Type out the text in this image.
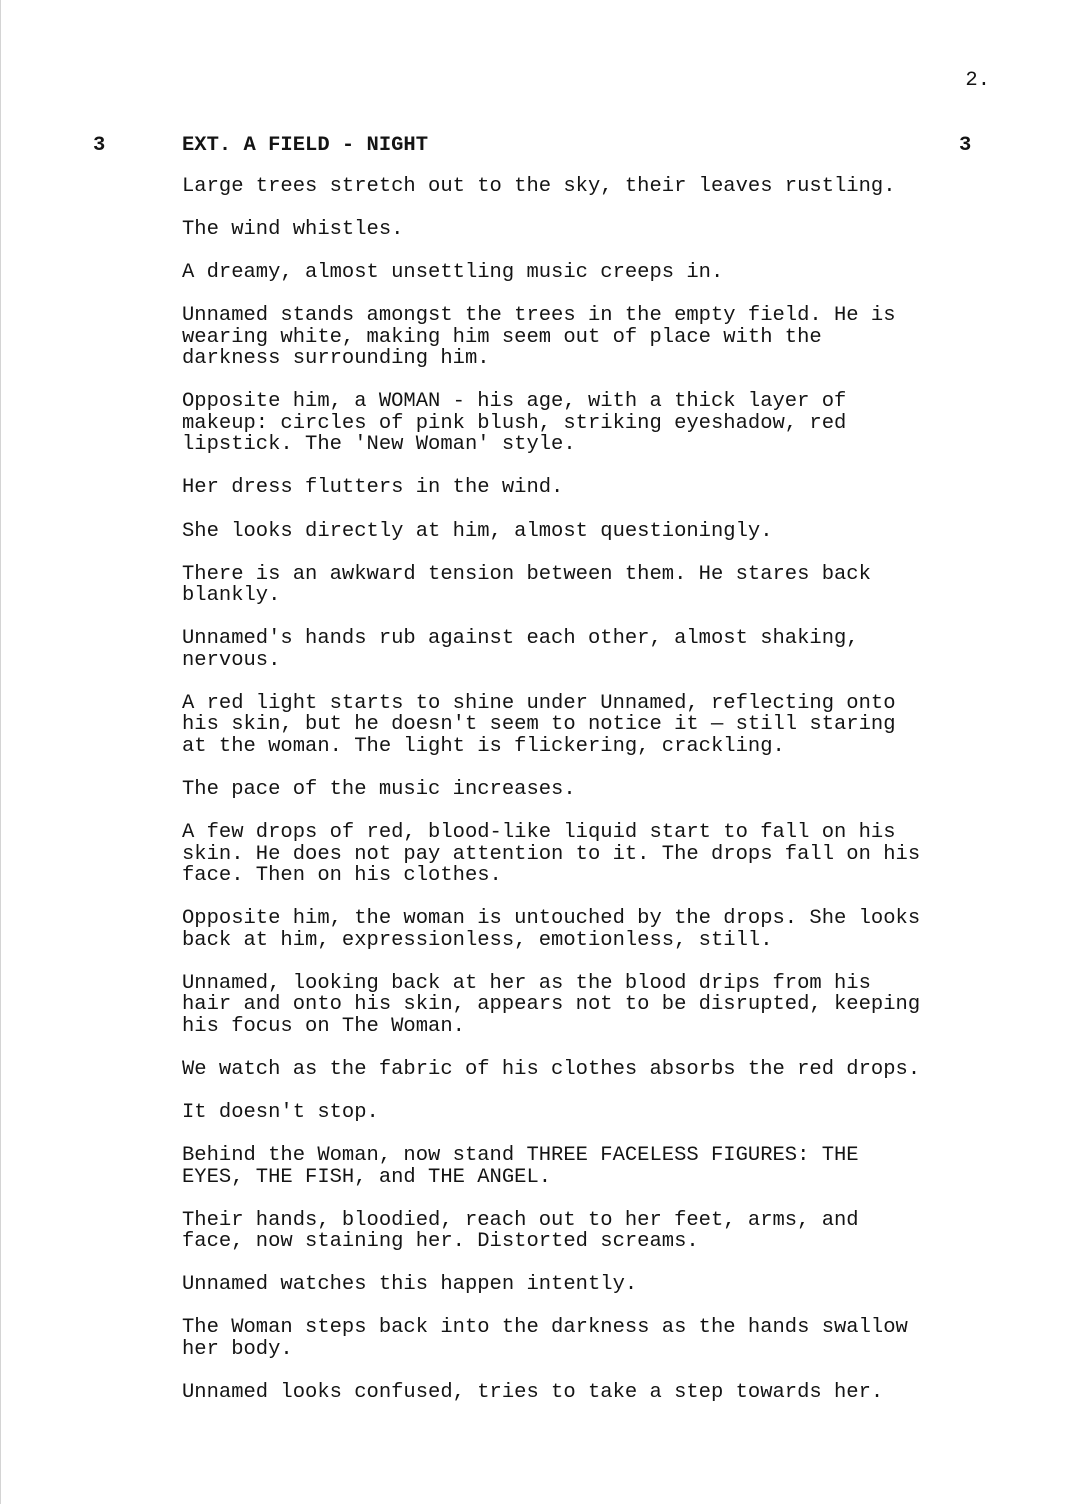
2.
3	EXT. A FIELD - NIGHT	3

Large trees stretch out to the sky, their leaves rustling.

The wind whistles.

A dreamy, almost unsettling music creeps in.

Unnamed stands amongst the trees in the empty field. He is
wearing white, making him seem out of place with the
darkness surrounding him.

Opposite him, a WOMAN - his age, with a thick layer of
makeup: circles of pink blush, striking eyeshadow, red
lipstick. The 'New Woman' style.

Her dress flutters in the wind.

She looks directly at him, almost questioningly.

There is an awkward tension between them. He stares back
blankly.

Unnamed's hands rub against each other, almost shaking,
nervous.

A red light starts to shine under Unnamed, reflecting onto
his skin, but he doesn't seem to notice it — still staring
at the woman. The light is flickering, crackling.

The pace of the music increases.

A few drops of red, blood-like liquid start to fall on his
skin. He does not pay attention to it. The drops fall on his
face. Then on his clothes.

Opposite him, the woman is untouched by the drops. She looks
back at him, expressionless, emotionless, still.

Unnamed, looking back at her as the blood drips from his
hair and onto his skin, appears not to be disrupted, keeping
his focus on The Woman.

We watch as the fabric of his clothes absorbs the red drops.

It doesn't stop.

Behind the Woman, now stand THREE FACELESS FIGURES: THE
EYES, THE FISH, and THE ANGEL.

Their hands, bloodied, reach out to her feet, arms, and
face, now staining her. Distorted screams.

Unnamed watches this happen intently.

The Woman steps back into the darkness as the hands swallow
her body.

Unnamed looks confused, tries to take a step towards her.
